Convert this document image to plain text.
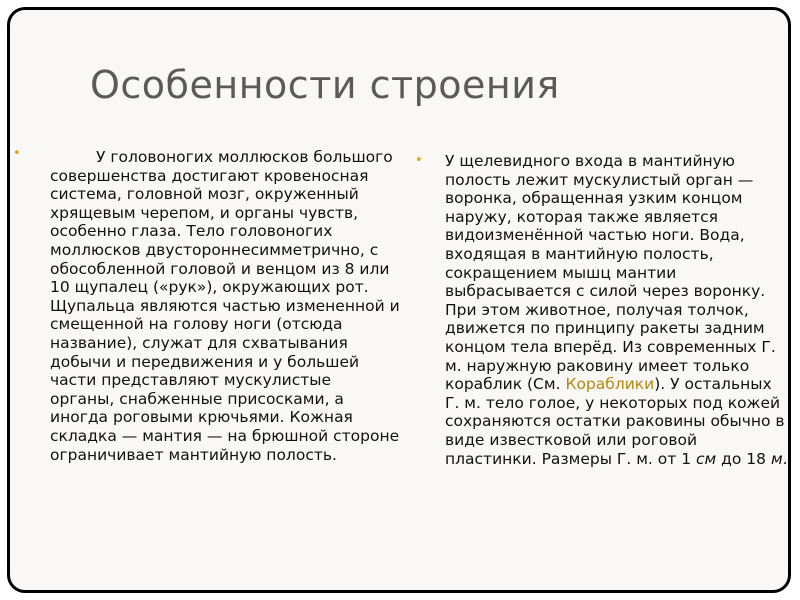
Особенности строения
•	У головоногих моллюсков большого совершенства достигают кровеносная система, головной мозг, окруженный хрящевым черепом, и органы чувств, особенно глаза. Тело головоногих моллюсков двустороннесимметрично, с обособленной головой и венцом из 8 или 10 щупалец («рук»), окружающих рот. Щупальца являются частью измененной и смещенной на голову ноги (отсюда название), служат для схватывания добычи и передвижения и у большей части представляют мускулистые органы, снабженные присосками, а иногда роговыми крючьями. Кожная складка — мантия — на брюшной стороне ограничивает мантийную полость.

• У щелевидного входа в мантийную полость лежит мускулистый орган — воронка, обращенная узким концом наружу, которая также является видоизменённой частью ноги. Вода, входящая в мантийную полость, сокращением мышц мантии выбрасывается с силой через воронку. При этом животное, получая толчок, движется по принципу ракеты задним концом тела вперёд. Из современных Г. м. наружную раковину имеет только кораблик (См. Кораблики). У остальных Г. м. тело голое, у некоторых под кожей сохраняются остатки раковины обычно в виде известковой или роговой пластинки. Размеры Г. м. от 1 см до 18 м.
